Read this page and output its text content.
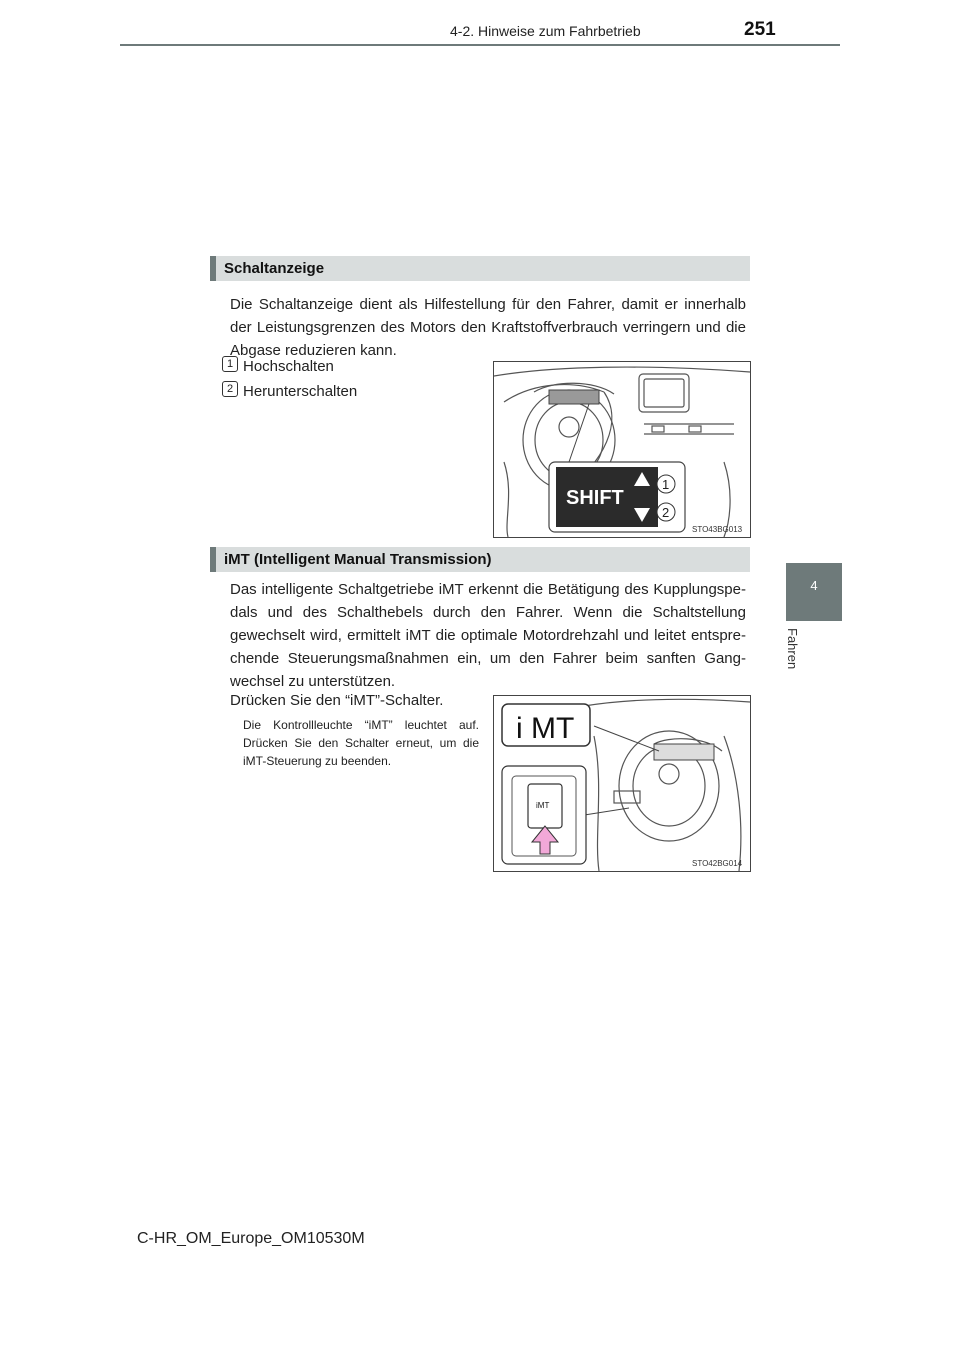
4-2. Hinweise zum Fahrbetrieb	251
4
Fahren
Schaltanzeige
Die Schaltanzeige dient als Hilfestellung für den Fahrer, damit er innerhalb der Leistungsgrenzen des Motors den Kraftstoffverbrauch verringern und die Abgase reduzieren kann.
1 Hochschalten
2 Herunterschalten
SHIFT
1
2
STO43BG013
iMT (Intelligent Manual Transmission)
Das intelligente Schaltgetriebe iMT erkennt die Betätigung des Kupplungspe- dals und des Schalthebels durch den Fahrer. Wenn die Schaltstellung gewechselt wird, ermittelt iMT die optimale Motordrehzahl und leitet entspre- chende Steuerungsmaßnahmen ein, um den Fahrer beim sanften Gang- wechsel zu unterstützen.
Drücken Sie den “iMT”-Schalter.
Die Kontrollleuchte “iMT” leuchtet auf. Drücken Sie den Schalter erneut, um die iMT-Steuerung zu beenden.
i MT
iMT
STO42BG014
C-HR_OM_Europe_OM10530M
